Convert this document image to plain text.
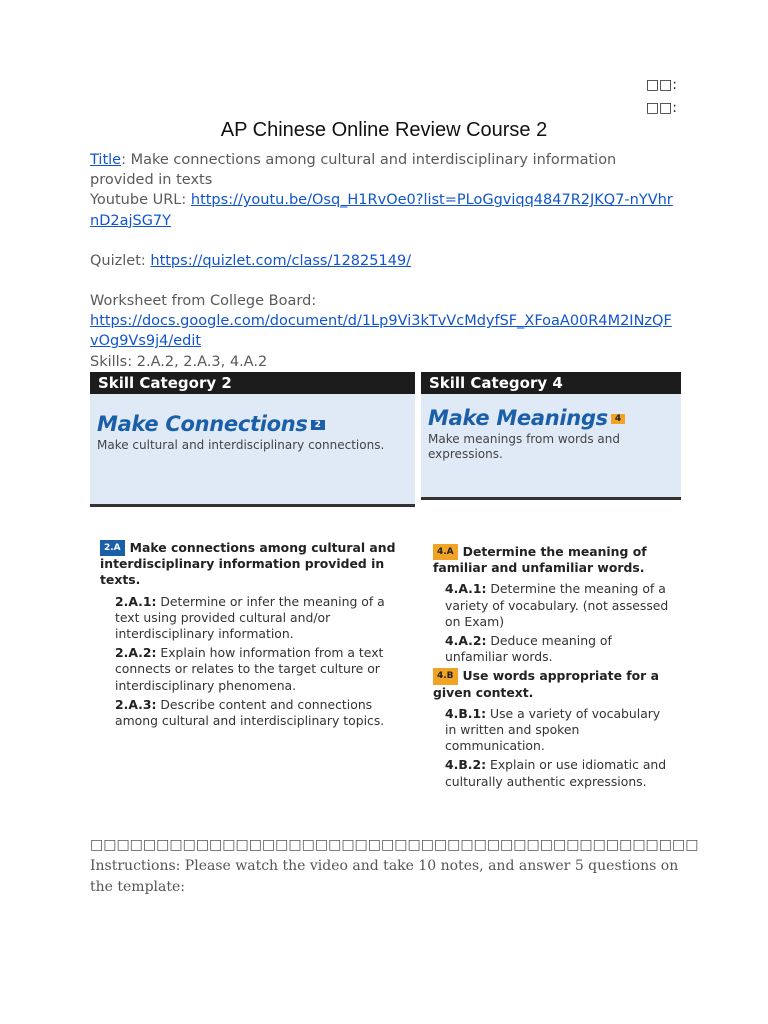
□□:
□□:
AP Chinese Online Review Course 2
Title: Make connections among cultural and interdisciplinary information provided in texts
Youtube URL: https://youtu.be/Osq_H1RvOe0?list=PLoGgviqq4847R2JKQ7-nYVhrnD2ajSG7Y
Quizlet: https://quizlet.com/class/12825149/
Worksheet from College Board:
https://docs.google.com/document/d/1Lp9Vi3kTvVcMdyfSF_XFoaA00R4M2INzQFvOg9Vs9j4/edit
Skills: 2.A.2, 2.A.3, 4.A.2
Skill Category 2
Make Connections 2
Make cultural and interdisciplinary connections.
2.A Make connections among cultural and interdisciplinary information provided in texts.
2.A.1: Determine or infer the meaning of a text using provided cultural and/or interdisciplinary information.
2.A.2: Explain how information from a text connects or relates to the target culture or interdisciplinary phenomena.
2.A.3: Describe content and connections among cultural and interdisciplinary topics.
Skill Category 4
Make Meanings 4
Make meanings from words and expressions.
4.A Determine the meaning of familiar and unfamiliar words.
4.A.1: Determine the meaning of a variety of vocabulary. (not assessed on Exam)
4.A.2: Deduce meaning of unfamiliar words.
4.B Use words appropriate for a given context.
4.B.1: Use a variety of vocabulary in written and spoken communication.
4.B.2: Explain or use idiomatic and culturally authentic expressions.
□□□□□□□□□□□□□□□□□□□□□□□□□□□□□□□□□□□□□□□□□□□□□□ Instructions: Please watch the video and take 10 notes, and answer 5 questions on the template:
